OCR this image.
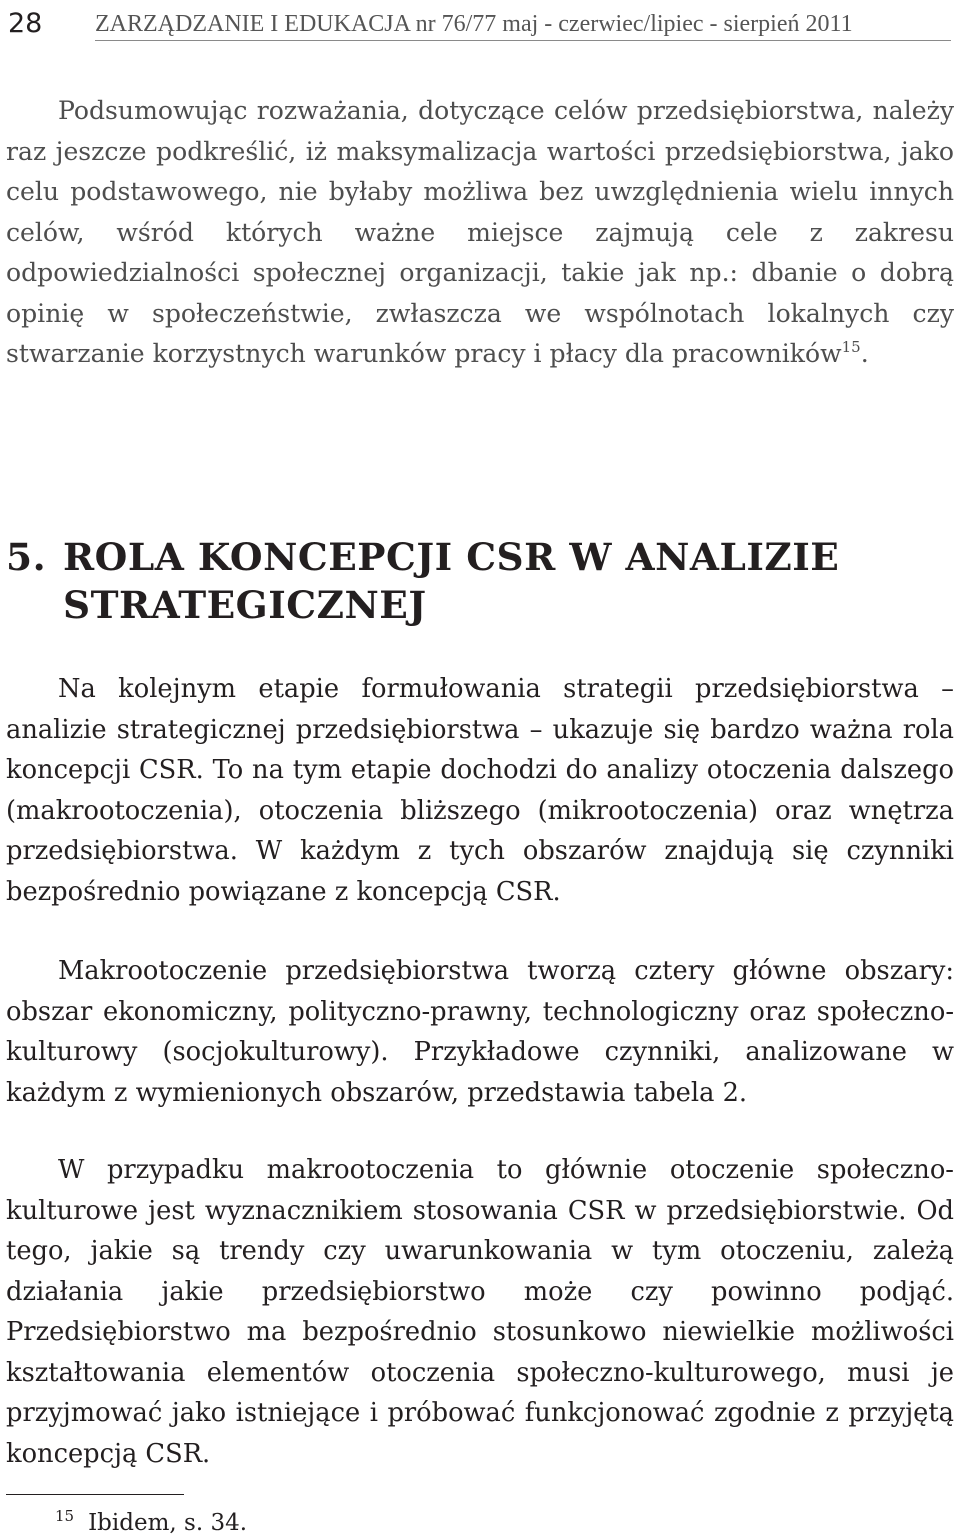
28 ZARZĄDZANIE I EDUKACJA nr 76/77 maj - czerwiec/lipiec - sierpień 2011

Podsumowując rozważania, dotyczące celów przedsiębiorstwa, należy raz jeszcze podkreślić, iż maksymalizacja wartości przedsiębiorstwa, jako celu podstawowego, nie byłaby możliwa bez uwzględnienia wielu innych celów, wśród których ważne miejsce zajmują cele z zakresu odpowiedzialności społecznej organizacji, takie jak np.: dbanie o dobrą opinię w społeczeństwie, zwłaszcza we wspólnotach lokalnych czy stwarzanie korzystnych warunków pracy i płacy dla pracowników$^{15}$.

5. ROLA KONCEPCJI CSR W ANALIZIE
STRATEGICZNEJ

Na kolejnym etapie formułowania strategii przedsiębiorstwa – analizie strategicznej przedsiębiorstwa – ukazuje się bardzo ważna rola koncepcji CSR. To na tym etapie dochodzi do analizy otoczenia dalszego (makrootoczenia), otoczenia bliższego (mikrootoczenia) oraz wnętrza przedsiębiorstwa. W każdym z tych obszarów znajdują się czynniki bezpośrednio powiązane z koncepcją CSR.

Makrootoczenie przedsiębiorstwa tworzą cztery główne obszary: obszar ekonomiczny, polityczno-prawny, technologiczny oraz społeczno-kulturowy (socjokulturowy). Przykładowe czynniki, analizowane w każdym z wymienionych obszarów, przedstawia tabela 2.

W przypadku makrootoczenia to głównie otoczenie społeczno-kulturowe jest wyznacznikiem stosowania CSR w przedsiębiorstwie. Od tego, jakie są trendy czy uwarunkowania w tym otoczeniu, zależą działania jakie przedsiębiorstwo może czy powinno podjąć. Przedsiębiorstwo ma bezpośrednio stosunkowo niewielkie możliwości kształtowania elementów otoczenia społeczno-kulturowego, musi je przyjmować jako istniejące i próbować funkcjonować zgodnie z przyjętą koncepcją CSR.

$^{15}$ Ibidem, s. 34.
